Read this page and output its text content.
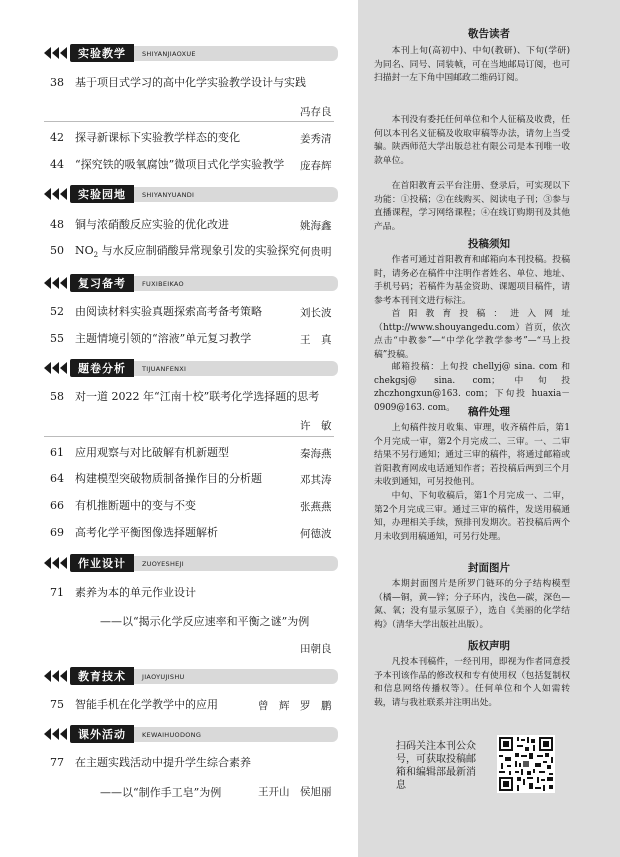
实验教学	SHIYANJIAOXUE
38	基于项目式学习的高中化学实验教学设计与实践
冯存良
42	探寻新课标下实验教学样态的变化	姜秀清
44	“探究铁的吸氧腐蚀”微项目式化学实验教学 庞春辉
实验园地	SHIYANYUANDI
48	铜与浓硝酸反应实验的优化改进	姚海鑫
50	$NO_2$ 与水反应制硝酸异常现象引发的实验探究 何贵明
复习备考	FUXIBEIKAO
52	由阅读材料实验真题探索高考备考策略	刘长波
55	主题情境引领的“溶液”单元复习教学	王　真
题卷分析	TIJUANFENXI
58	对一道 2022 年“江南十校”联考化学选择题的思考
许　敏
61	应用观察与对比破解有机新题型	秦海燕
64	构建模型突破物质制备操作目的分析题	邓其涛
66	有机推断题中的变与不变	张燕燕
69	高考化学平衡图像选择题解析	何德波
作业设计	ZUOYESHEJI
71	素养为本的单元作业设计
——以“揭示化学反应速率和平衡之谜”为例
田朝良
教育技术	JIAOYUJISHU
75	智能手机在化学教学中的应用	曾　辉　罗　鹏
课外活动	KEWAIHUODONG
77	在主题实践活动中提升学生综合素养
——以“制作手工皂”为例	王开山　侯旭丽
敬告读者

本刊上旬(高初中)、中旬(教研)、下旬(学研)为同名、同号、同装帧，可在当地邮局订阅，也可扫描封一左下角中国邮政二维码订阅。

本刊没有委托任何单位和个人征稿及收费，任何以本刊名义征稿及收取审稿等办法，请勿上当受骗。陕西师范大学出版总社有限公司是本刊唯一收款单位。

在首阳教育云平台注册、登录后，可实现以下功能：①投稿；②在线购买、阅读电子刊；③参与直播课程，学习网络课程；④在线订购期刊及其他产品。

投稿须知

作者可通过首阳教育和邮箱向本刊投稿。投稿时，请务必在稿件中注明作者姓名、单位、地址、手机号码；若稿件为基金资助、课题项目稿件，请参考本刊刊文进行标注。

首阳教育投稿：进入网址（http://www.shouyangedu.com）首页，依次点击“中教参”—“中学化学教学参考”—“马上投稿”投稿。

邮箱投稿：上旬投 chellyj@ sina. com 和 chekgsj@ sina. com；中旬投 zhczhongxun@163. com；下旬投 huaxia－0909@163. com。	稿件处理

上旬稿件按月收集、审理，收齐稿件后，第1个月完成一审，第2个月完成二、三审。一、二审结果不另行通知；通过三审的稿件，将通过邮箱或首阳教育网成电话通知作者；若投稿后两到三个月未收到通知，可另投他刊。

中旬、下旬收稿后，第1个月完成一、二审，第2个月完成三审。通过三审的稿件，发送用稿通知，办理相关手续，预排刊发期次。若投稿后两个月未收到用稿通知，可另行处理。

封面图片

本期封面图片是所罗门链环的分子结构模型（橘—铜，黄—锌；分子环内，浅色—碳，深色—氮、氧；没有显示氢原子），选自《美丽的化学结构》（清华大学出版社出版）。

版权声明

凡投本刊稿件，一经刊用，即视为作者同意授予本刊该作品的修改权和专有使用权（包括复制权和信息网络传播权等）。任何单位和个人如需转载，请与我社联系并注明出处。

扫码关注本刊公众号，可获取投稿邮箱和编辑部最新消息
